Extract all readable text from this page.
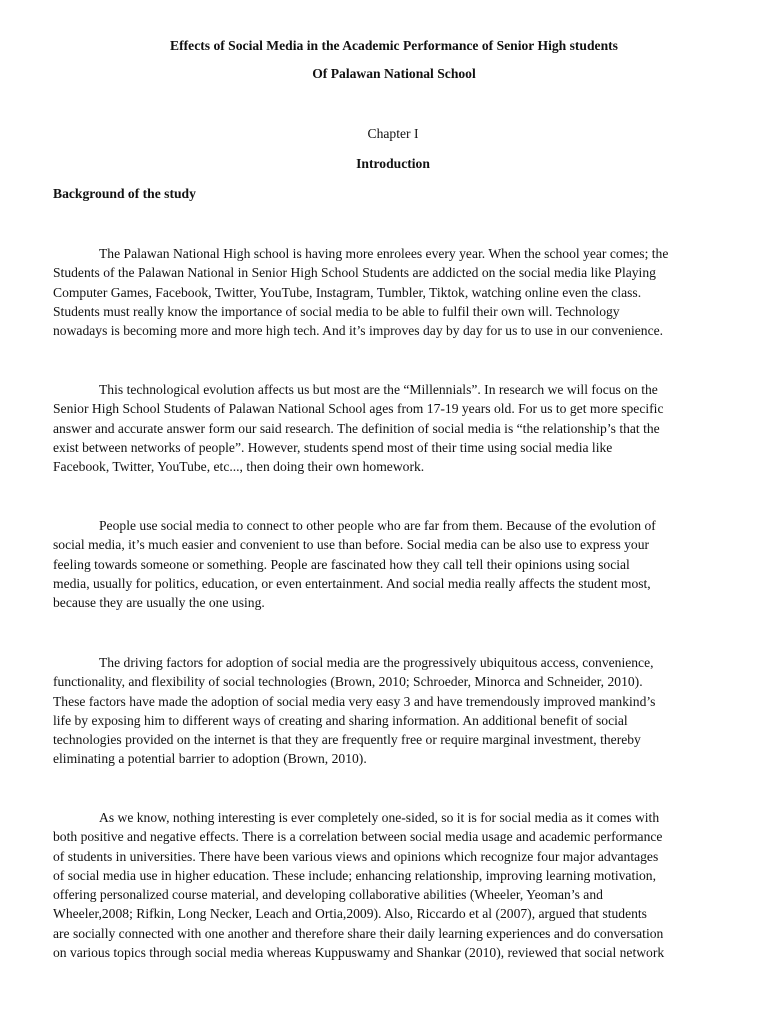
Effects of Social Media in the Academic Performance of Senior High students
Of Palawan National School
Chapter I
Introduction
Background of the study
The Palawan National High school is having more enrolees every year. When the school year comes; the
Students of the Palawan National in Senior High School Students are addicted on the social media like Playing
Computer Games, Facebook, Twitter, YouTube, Instagram, Tumbler, Tiktok, watching online even the class.
Students must really know the importance of social media to be able to fulfil their own will. Technology
nowadays is becoming more and more high tech. And it’s improves day by day for us to use in our convenience.
This technological evolution affects us but most are the “Millennials”. In research we will focus on the
Senior High School Students of Palawan National School ages from 17-19 years old. For us to get more specific
answer and accurate answer form our said research. The definition of social media is “the relationship’s that the
exist between networks of people”. However, students spend most of their time using social media like
Facebook, Twitter, YouTube, etc..., then doing their own homework.
People use social media to connect to other people who are far from them. Because of the evolution of
social media, it’s much easier and convenient to use than before. Social media can be also use to express your
feeling towards someone or something. People are fascinated how they call tell their opinions using social
media, usually for politics, education, or even entertainment. And social media really affects the student most,
because they are usually the one using.
The driving factors for adoption of social media are the progressively ubiquitous access, convenience,
functionality, and flexibility of social technologies (Brown, 2010; Schroeder, Minorca and Schneider, 2010).
These factors have made the adoption of social media very easy 3 and have tremendously improved mankind’s
life by exposing him to different ways of creating and sharing information. An additional benefit of social
technologies provided on the internet is that they are frequently free or require marginal investment, thereby
eliminating a potential barrier to adoption (Brown, 2010).
As we know, nothing interesting is ever completely one-sided, so it is for social media as it comes with
both positive and negative effects. There is a correlation between social media usage and academic performance
of students in universities. There have been various views and opinions which recognize four major advantages
of social media use in higher education. These include; enhancing relationship, improving learning motivation,
offering personalized course material, and developing collaborative abilities (Wheeler, Yeoman’s and
Wheeler,2008; Rifkin, Long Necker, Leach and Ortia,2009). Also, Riccardo et al (2007), argued that students
are socially connected with one another and therefore share their daily learning experiences and do conversation
on various topics through social media whereas Kuppuswamy and Shankar (2010), reviewed that social network
